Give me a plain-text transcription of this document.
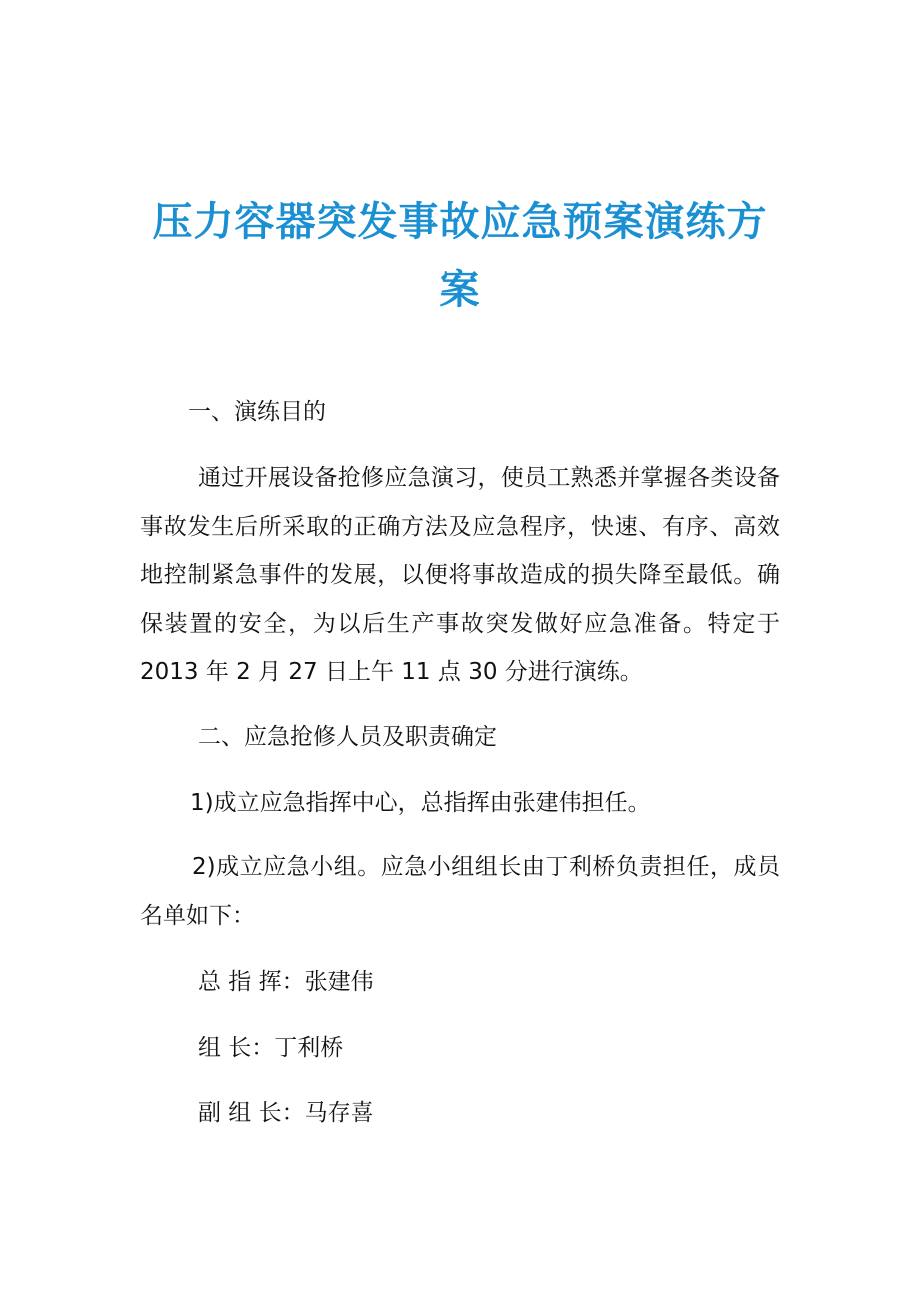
压力容器突发事故应急预案演练方
案
一、演练目的
通过开展设备抢修应急演习，使员工熟悉并掌握各类设备事故发生后所采取的正确方法及应急程序，快速、有序、高效地控制紧急事件的发展，以便将事故造成的损失降至最低。确保装置的安全，为以后生产事故突发做好应急准备。特定于 2013 年 2 月 27 日上午 11 点 30 分进行演练。
二、应急抢修人员及职责确定
1)成立应急指挥中心，总指挥由张建伟担任。
2)成立应急小组。应急小组组长由丁利桥负责担任，成员名单如下：
总 指 挥：张建伟
组 长：丁利桥
副 组 长：马存喜
